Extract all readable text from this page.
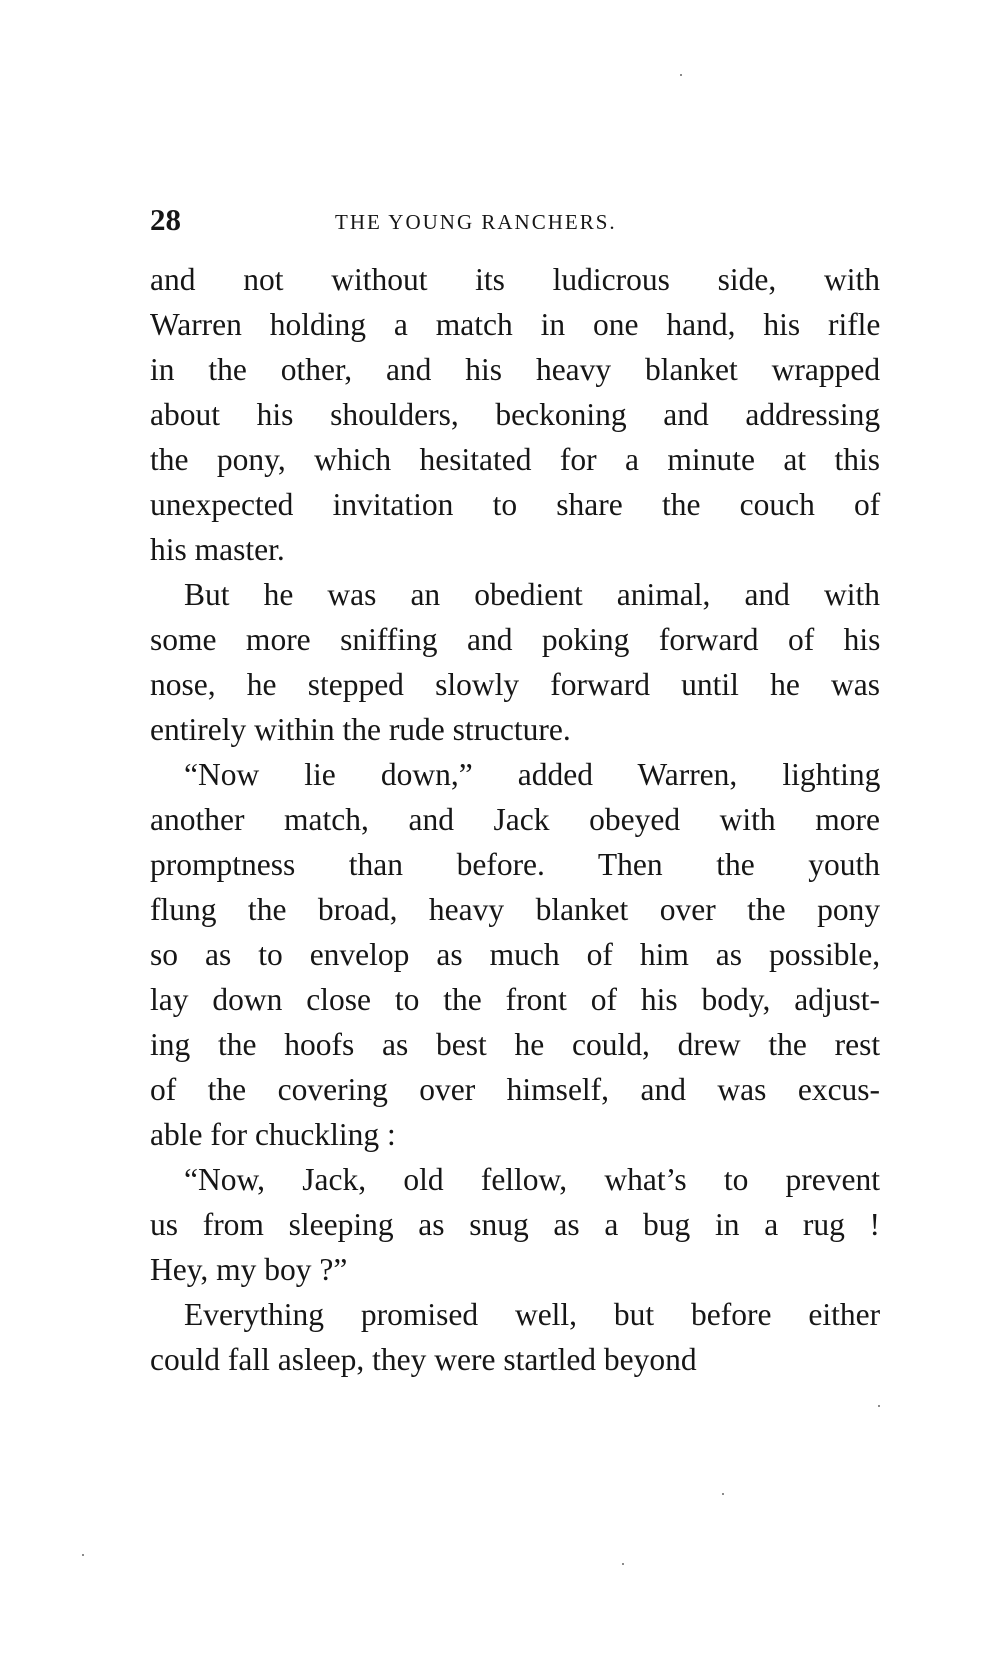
28	THE YOUNG RANCHERS.

and not without its ludicrous side, with
Warren holding a match in one hand, his rifle
in the other, and his heavy blanket wrapped
about his shoulders, beckoning and addressing
the pony, which hesitated for a minute at this
unexpected invitation to share the couch of
his master.

But he was an obedient animal, and with
some more sniffing and poking forward of his
nose, he stepped slowly forward until he was
entirely within the rude structure.

“Now lie down,” added Warren, lighting
another match, and Jack obeyed with more
promptness than before. Then the youth
flung the broad, heavy blanket over the pony
so as to envelop as much of him as possible,
lay down close to the front of his body, adjust-
ing the hoofs as best he could, drew the rest
of the covering over himself, and was excus-
able for chuckling :

“Now, Jack, old fellow, what’s to prevent
us from sleeping as snug as a bug in a rug !
Hey, my boy ?”

Everything promised well, but before either
could fall asleep, they were startled beyond
